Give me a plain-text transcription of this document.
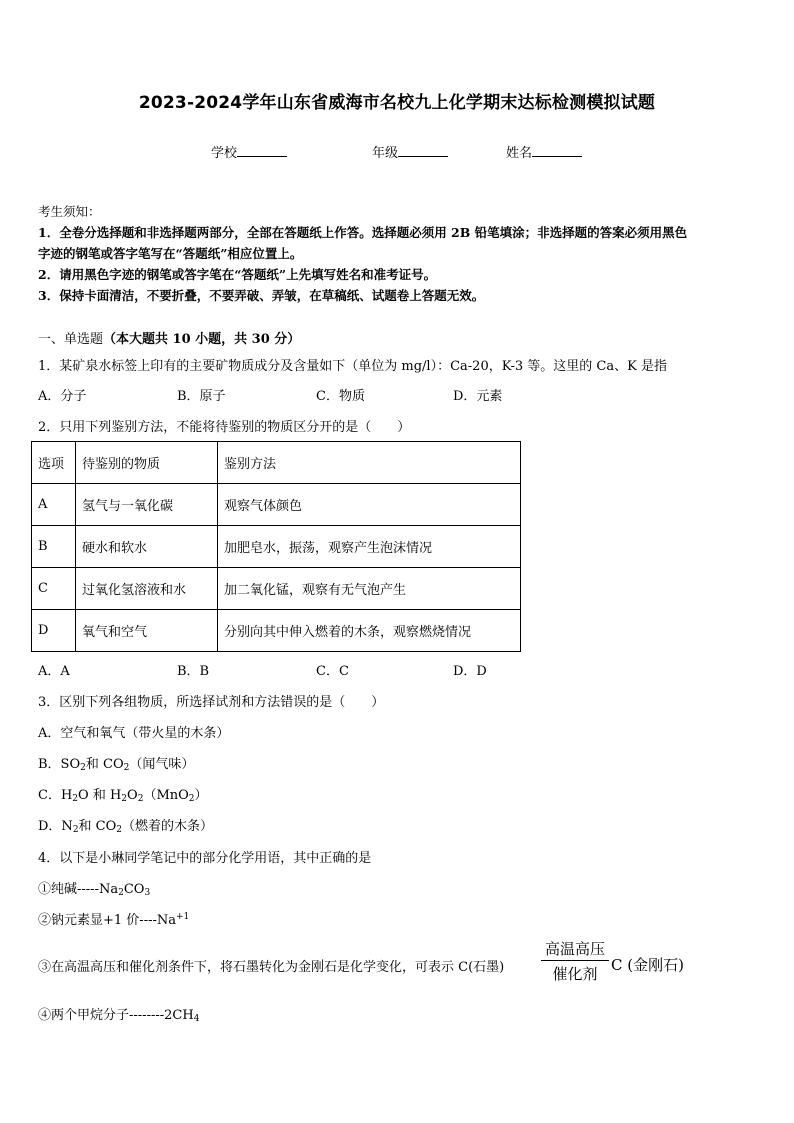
2023-2024学年山东省威海市名校九上化学期末达标检测模拟试题
学校	年级	姓名
考生须知：
1．全卷分选择题和非选择题两部分，全部在答题纸上作答。选择题必须用 2B 铅笔填涂；非选择题的答案必须用黑色
字迹的钢笔或答字笔写在“答题纸”相应位置上。
2．请用黑色字迹的钢笔或答字笔在“答题纸”上先填写姓名和准考证号。
3．保持卡面清洁，不要折叠，不要弄破、弄皱，在草稿纸、试题卷上答题无效。
一、单选题（本大题共 10 小题，共 30 分）
1．某矿泉水标签上印有的主要矿物质成分及含量如下（单位为 mg/l）：Ca-20，K-3 等。这里的 Ca、K 是指
A．分子	B．原子	C．物质	D．元素
2．只用下列鉴别方法，不能将待鉴别的物质区分开的是（　　）
选项	待鉴别的物质	鉴别方法
A	氢气与一氧化碳	观察气体颜色
B	硬水和软水	加肥皂水，振荡，观察产生泡沫情况
C	过氧化氢溶液和水	加二氧化锰，观察有无气泡产生
D	氧气和空气	分别向其中伸入燃着的木条，观察燃烧情况
A．A	B．B	C．C	D．D
3．区别下列各组物质，所选择试剂和方法错误的是（　　）
A．空气和氧气（带火星的木条）
B．$SO_2$和 $CO_2$（闻气味）
C．$H_2O$ 和 $H_2O_2(MnO_2)$
D．$N_2$和 $CO_2$（燃着的木条）
4．以下是小琳同学笔记中的部分化学用语，其中正确的是
①纯碱$-----Na_2CO_3$
②钠元素显+1 价$----Na^{+1}$
③在高温高压和催化剂条件下，将石墨转化为金刚石是化学变化，可表示 C(石墨)
高温高压
催化剂 C (金刚石)
④两个甲烷分子$--------2CH_4$
